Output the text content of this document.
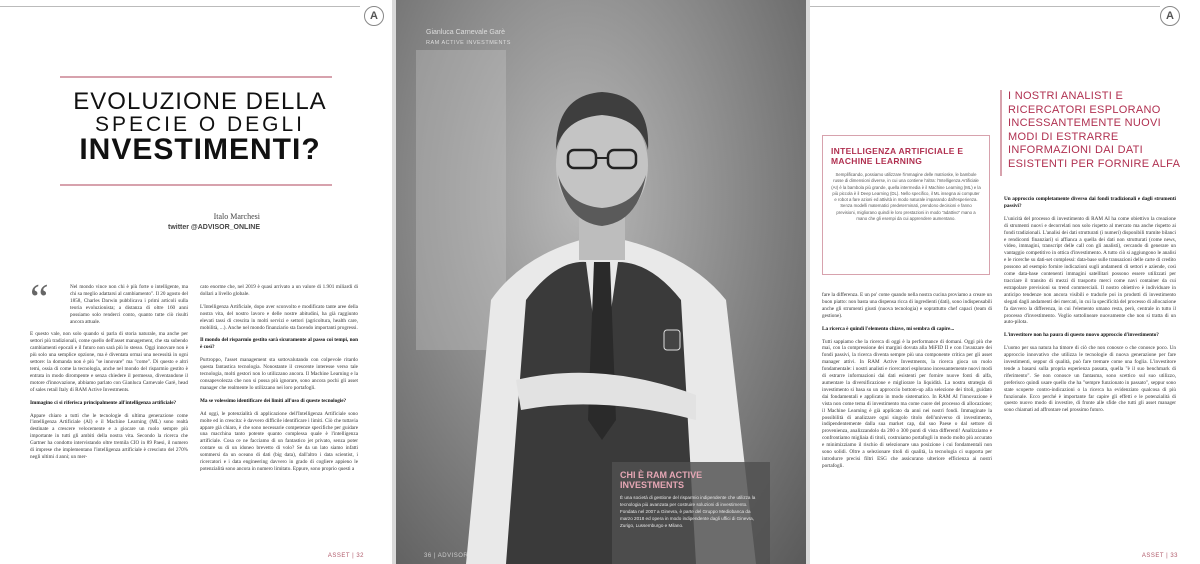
A
EVOLUZIONE DELLA
SPECIE O DEGLI
INVESTIMENTI?
Italo Marchesi
twitter @ADVISOR_ONLINE
“	Nel mondo vince non chi è più forte o intelligente, ma chi sa meglio adattarsi al cambiamento". Il 20 agosto del 1858, Charles Darwin pubblicava i primi articoli sulla teoria evoluzionista; a distanza di oltre 160 anni possiamo solo renderci conto, quanto tutte ciò risulti ancora attuale.

E questo vale, non solo quando si parla di storia naturale, ma anche per settori più tradizionali, come quello dell'asset management, che sta subendo cambiamenti epocali e il futuro non sarà più lo stesso. Oggi innovare non è più solo una semplice opzione, ma è diventata ormai una necessità in ogni settore: la domanda non è più "se innovare" ma "come". Di questo e altri temi, ossia di come la tecnologia, anche nel mondo del risparmio gestito è entrata in modo dirompente e senza chiedere il permesso, diventandone il motore d'innovazione, abbiamo parlato con Gianluca Carnevale Garè, head of sales retail Italy di RAM Active Investments.

Immagino ci si riferisca principalmente all'intelligenza artificiale?

Appare chiaro a tutti che le tecnologie di ultima generazione come l'intelligenza Artificiale (AI) e il Machine Learning (ML) sono realtà destinate a crescere velocemente e a giocare un ruolo sempre più importante in tutti gli ambiti della nostra vita. Secondo la ricerca che Gartner ha condotto intervistando oltre tremila CIO in 89 Paesi, il numero di imprese che implementano l'intelligenza artificiale è cresciuto del 270% negli ultimi 4 anni; un mer-

cato enorme che, nel 2019 è quasi arrivato a un valore di 1.901 miliardi di dollari a livello globale.

L'Intelligenza Artificiale, dopo aver sconvolto e modificato tante aree della nostra vita, del nostro lavoro e delle nostre abitudini, ha già raggiunto elevati tassi di crescita in molti servizi e settori (agricoltura, health care, mobilità, ...). Anche nel mondo finanziario sta facendo importanti progressi.

Il mondo del risparmio gestito sarà sicuramente al passo coi tempi, non è così?

Purtroppo, l'asset management sta sottovalutando con colpevole ritardo questa fantastica tecnologia. Nonostante il crescente interesse verso tale tecnologia, molti gestori non lo utilizzano ancora. Il Machine Learning e la consapevolezza che non si possa più ignorare, sono ancora pochi gli asset manager che realmente lo utilizzano nei loro portafogli.

Ma se volessimo identificare dei limiti all'uso di queste tecnologie?

Ad oggi, le potenzialità di applicazione dell'Intelligenza Artificiale sono molte ed in crescita: è davvero difficile identificare i limiti. Ciò che tuttavia appare già chiaro, è che sono necessarie competenze specifiche per guidare una macchina tanto potente quanto complessa quale è l'intelligenza artificiale. Cosa ce ne facciamo di un fantastico jet privato, senza poter contare su di un idoneo brevetto di volo? Se da un lato siamo infatti sommersi da un oceano di dati (big data), dall'altro i data scientist, i ricercatori e i data engineering davvero in grado di cogliere appieno le potenzialità sono ancora in numero limitato. Eppure, sono proprio questi a

ASSET | 32
Gianluca Carnevale Garè
RAM ACTIVE INVESTMENTS
CHI È RAM ACTIVE INVESTMENTS
È una società di gestione del risparmio indipendente che utilizza la tecnologia più avanzata per costruire soluzioni di investimento. Fondata nel 2007 a Ginevra, è parte del Gruppo Mediobanca da marzo 2018 ed opera in modo indipendente dagli uffici di Ginevra, Zurigo, Lussemburgo e Milano.
36 | ADVISOR
A
INTELLIGENZA ARTIFICIALE E MACHINE LEARNING
Semplificando, possiamo utilizzare l'immagine delle matrioske, le bambole russe di dimensioni diverse, in cui una contiene l'altra: l'Intelligenza Artificiale (AI) è la bambola più grande, quella intermedia è il Machine Learning (ML) e la più piccola è il Deep Learning (DL). Nello specifico, il ML insegna ai computer e robot a fare azioni ed attività in modo naturale imparando dall'esperienza. Senza modelli matematici predeterminati, prendono decisioni e fanno previsioni, migliorano quindi le loro prestazioni in modo "adattivo" mano a mano che gli esempi da cui apprendere aumentano.
I NOSTRI ANALISTI E RICERCATORI ESPLORANO INCESSANTEMENTE NUOVI MODI DI ESTRARRE INFORMAZIONI DAI DATI ESISTENTI PER FORNIRE ALFA

fare la differenza. E un po' come quando nella nostra cucina proviamo a creare un buon piatto: non basta una dispensa ricca di ingredienti (dati), sono indispensabili anche gli strumenti giusti (nuova tecnologia) e soprattutto chef capaci (team di gestione).

La ricerca è quindi l'elemento chiave, mi sembra di capire...

Tutti sappiamo che la ricerca di oggi è la performance di domani. Oggi più che mai, con la compressione dei margini dovuta alla MiFID II e con l'avanzare dei fondi passivi, la ricerca diventa sempre più una componente critica per gli asset manager attivi. In RAM Active Investments, la ricerca gioca un ruolo fondamentale: i nostri analisti e ricercatori esplorano incessantemente nuovi modi di estrarre informazioni dai dati esistenti per fornire nuove fonti di alfa, aumentare la diversificazione e migliorare la liquidità. La nostra strategia di investimento si basa su un approccio bottom-up alla selezione dei titoli, guidato dai fondamentali e applicato in modo sistematico. In RAM AI l'innovazione è vista non come tema di investimento ma come cuore del processo di allocazione; il Machine Learning è già applicato da anni nei nostri fondi. Immaginate la possibilità di analizzare ogni singolo titolo dell'universo di investimento, indipendentemente dalla sua market cap, dal suo Paese o dal settore di provenienza, analizzandolo da 200 o 300 punti di vista differenti! Analizziamo e confrontiamo migliaia di titoli, costruiamo portafogli in modo molto più accurato e minimizziamo il rischio di selezionare una posizione i cui fondamentali non sono solidi. Oltre a selezionare titoli di qualità, la tecnologia ci supporta per introdurre precisi filtri ESG che assicurano ulteriore efficienza ai nostri portafogli.

Un approccio completamente diverso dai fondi tradizionali e dagli strumenti passivi?

L'unicità del processo di investimento di RAM AI ha come obiettivo la creazione di strumenti nuovi e decorrelati non solo rispetto al mercato ma anche rispetto ai fondi tradizionali. L'analisi dei dati strutturati (i numeri) disponibili tramite bilanci e rendiconti finanziari) si affianca a quella dei dati non strutturati (come news, video, immagini, transcript delle call con gli analisti), cercando di generare un vantaggio competitivo in ottica d'investimento. A tutto ciò si aggiungono le analisi e le ricerche su dati-set complessi: data-base sulle transazioni delle carte di credito possono ad esempio fornire indicazioni sugli andamenti di settori e aziende, così come data-base contenenti immagini satellitari possono essere utilizzati per tracciare il transito di mezzi di trasporto merci come navi container da cui estrapolare previsioni su trend commerciali. Il nostro obiettivo è individuare in anticipo tendenze non ancora visibili e tradurle poi in prodotti di investimento slegati dagli andamenti dei mercati, in cui la specificità del processo di allocazione fa davvero la differenza, in cui l'elemento umano resta, però, centrale in tutto il processo d'investimento. Voglio sottolineare nuovamente che non si tratta di un auto-pilota.

L'investitore non ha paura di questo nuovo approccio d'investimento?

L'uomo per sua natura ha timore di ciò che non conosce o che conosce poco. Un approccio innovativo che utilizza le tecnologie di nuova generazione per fare investimenti, seppur di qualità, può fare tremare come una foglia. L'investitore tende a basarsi sulla propria esperienza passata, quella "è il suo benchmark di riferimento". Se non conosce un fantasma, sono scettico sul suo utilizzo, preferisco quindi usare quello che ha "sempre funzionato in passato", seppur sono state scoperte contro-indicazioni o la ricerca ha evidenziato qualcosa di più funzionale. Ecco perché è importante far capire gli effetti e le potenzialità di questo nuovo modo di investire, di fronte alle sfide che tutti gli asset manager sono chiamati ad affrontare nel prossimo futuro.

ASSET | 33
